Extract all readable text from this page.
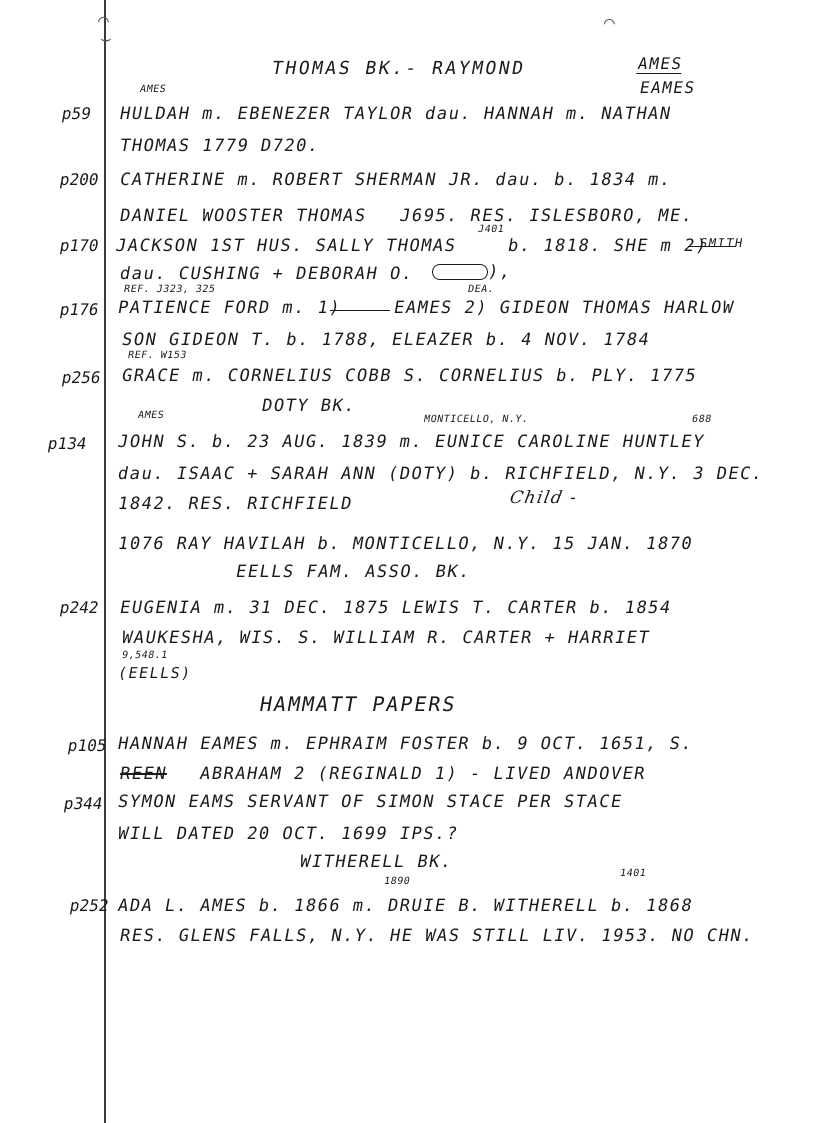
⌒	⌒
⌣
THOMAS BK.- RAYMOND	AMES
EAMES
AMES
p59 HULDAH m. EBENEZER TAYLOR dau. HANNAH m. NATHAN
THOMAS 1779 D720.
p200 CATHERINE m. ROBERT SHERMAN JR. dau. b. 1834 m.
DANIEL WOOSTER THOMAS J695. RES. ISLESBORO, ME.
p170 JACKSON 1ST HUS. SALLY THOMAS
J401
b. 1818. SHE m 2)
SMITH
dau. CUSHING + DEBORAH O.	),
REF. J323, 325	DEA.
p176 PATIENCE FORD m. 1)	EAMES 2) GIDEON THOMAS HARLOW
SON GIDEON T. b. 1788, ELEAZER b. 4 NOV. 1784
REF. W153
p256 GRACE m. CORNELIUS COBB S. CORNELIUS b. PLY. 1775
DOTY BK.
AMES	MONTICELLO, N.Y.	688
p134 JOHN S. b. 23 AUG. 1839 m. EUNICE CAROLINE HUNTLEY
dau. ISAAC + SARAH ANN (DOTY) b. RICHFIELD, N.Y. 3 DEC.
1842. RES. RICHFIELD	Child -
1076 RAY HAVILAH b. MONTICELLO, N.Y. 15 JAN. 1870
EELLS FAM. ASSO. BK.
p242 EUGENIA m. 31 DEC. 1875 LEWIS T. CARTER b. 1854
WAUKESHA, WIS. S. WILLIAM R. CARTER + HARRIET
9,548.1
(EELLS)
HAMMATT PAPERS
p105 HANNAH EAMES m. EPHRAIM FOSTER b. 9 OCT. 1651, S.
REEN ABRAHAM 2 (REGINALD 1) - LIVED ANDOVER
p344 SYMON EAMS SERVANT OF SIMON STACE PER STACE
WILL DATED 20 OCT. 1699 IPS.?
WITHERELL BK.
1890
1401
p252 ADA L. AMES b. 1866 m. DRUIE B. WITHERELL b. 1868
RES. GLENS FALLS, N.Y. HE WAS STILL LIV. 1953. NO CHN.
